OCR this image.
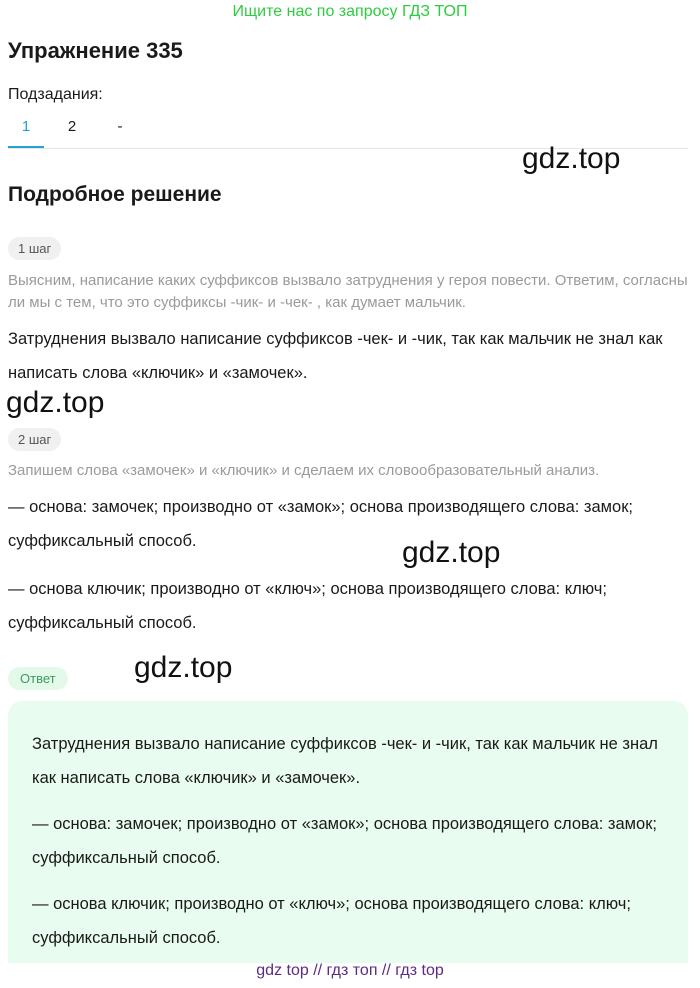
Ищите нас по запросу ГДЗ ТОП
Упражнение 335
Подзадания:
1	2	-
gdz.top
Подробное решение
1 шаг
Выясним, написание каких суффиксов вызвало затруднения у героя повести. Ответим, согласны ли мы с тем, что это суффиксы -чик- и -чек- , как думает мальчик.
Затруднения вызвало написание суффиксов -чек- и -чик, так как мальчик не знал как написать слова «ключик» и «замочек».
gdz.top
2 шаг
Запишем слова «замочек» и «ключик» и сделаем их словообразовательный анализ.
— основа: замочек; производно от «замок»; основа производящего слова: замок; суффиксальный способ.	gdz.top
— основа ключик; производно от «ключ»; основа производящего слова: ключ; суффиксальный способ.
gdz.top
Ответ
Затруднения вызвало написание суффиксов -чек- и -чик, так как мальчик не знал как написать слова «ключик» и «замочек».
— основа: замочек; производно от «замок»; основа производящего слова: замок; суффиксальный способ.
— основа ключик; производно от «ключ»; основа производящего слова: ключ; суффиксальный способ.
gdz top // гдз топ // гдз top
